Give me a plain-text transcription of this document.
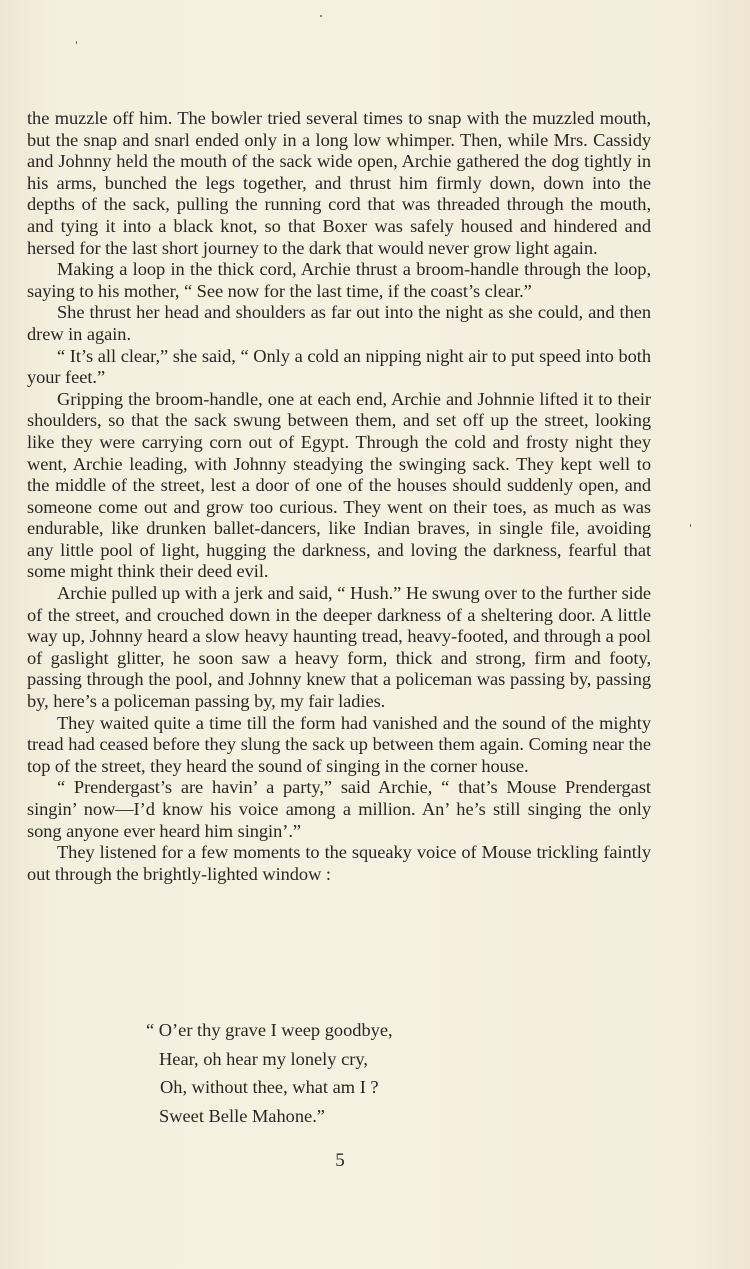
the muzzle off him. The bowler tried several times to snap with the muzzled mouth, but the snap and snarl ended only in a long low whimper. Then, while Mrs. Cassidy and Johnny held the mouth of the sack wide open, Archie gathered the dog tightly in his arms, bunched the legs together, and thrust him firmly down, down into the depths of the sack, pulling the running cord that was threaded through the mouth, and tying it into a black knot, so that Boxer was safely housed and hindered and hersed for the last short journey to the dark that would never grow light again.

Making a loop in the thick cord, Archie thrust a broom-handle through the loop, saying to his mother, “ See now for the last time, if the coast’s clear.”

She thrust her head and shoulders as far out into the night as she could, and then drew in again.

“ It’s all clear,” she said, “ Only a cold an nipping night air to put speed into both your feet.”

Gripping the broom-handle, one at each end, Archie and Johnnie lifted it to their shoulders, so that the sack swung between them, and set off up the street, looking like they were carrying corn out of Egypt. Through the cold and frosty night they went, Archie leading, with Johnny steadying the swinging sack. They kept well to the middle of the street, lest a door of one of the houses should suddenly open, and someone come out and grow too curious. They went on their toes, as much as was endurable, like drunken ballet-dancers, like Indian braves, in single file, avoiding any little pool of light, hugging the darkness, and loving the darkness, fearful that some might think their deed evil.

Archie pulled up with a jerk and said, “ Hush.” He swung over to the further side of the street, and crouched down in the deeper darkness of a sheltering door. A little way up, Johnny heard a slow heavy haunting tread, heavy-footed, and through a pool of gaslight glitter, he soon saw a heavy form, thick and strong, firm and footy, passing through the pool, and Johnny knew that a policeman was passing by, passing by, here’s a policeman passing by, my fair ladies.

They waited quite a time till the form had vanished and the sound of the mighty tread had ceased before they slung the sack up between them again. Coming near the top of the street, they heard the sound of singing in the corner house.

“ Prendergast’s are havin’ a party,” said Archie, “ that’s Mouse Prendergast singin’ now—I’d know his voice among a million. An’ he’s still singing the only song anyone ever heard him singin’.”

They listened for a few moments to the squeaky voice of Mouse trickling faintly out through the brightly-lighted window :

“ O’er thy grave I weep goodbye,
Hear, oh hear my lonely cry,
Oh, without thee, what am I ?
Sweet Belle Mahone.”
5
